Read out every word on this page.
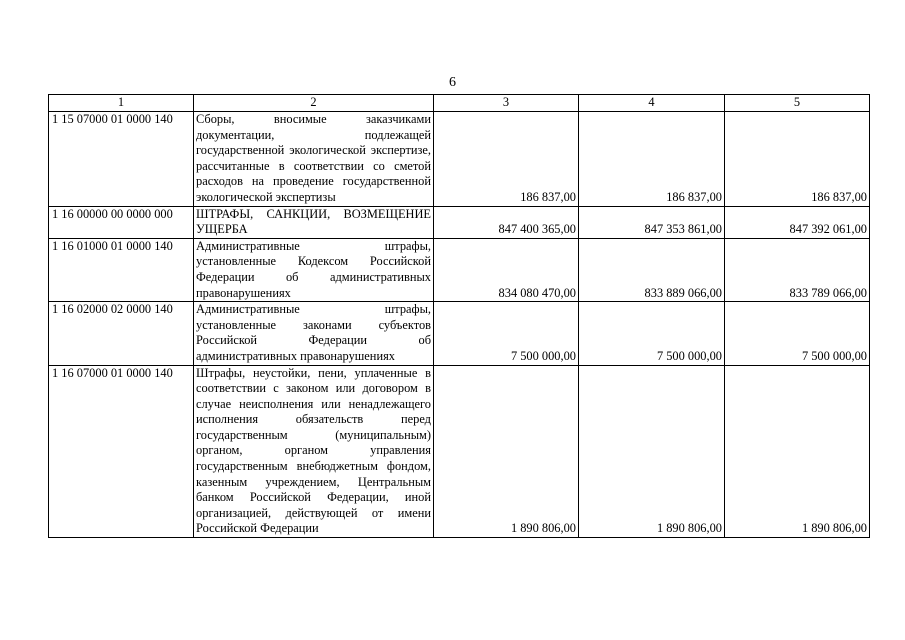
6
1	2	3	4	5
1 15 07000 01 0000 140	Сборы, вносимые заказчиками документации, подлежащей государственной экологической экспертизе, рассчитанные в соответствии со сметой расходов на проведение государственной экологической экспертизы	186 837,00	186 837,00	186 837,00
1 16 00000 00 0000 000	ШТРАФЫ, САНКЦИИ, ВОЗМЕЩЕНИЕ УЩЕРБА	847 400 365,00	847 353 861,00	847 392 061,00
1 16 01000 01 0000 140	Административные штрафы, установленные Кодексом Российской Федерации об административных правонарушениях	834 080 470,00	833 889 066,00	833 789 066,00
1 16 02000 02 0000 140	Административные штрафы, установленные законами субъектов Российской Федерации об административных правонарушениях	7 500 000,00	7 500 000,00	7 500 000,00
1 16 07000 01 0000 140	Штрафы, неустойки, пени, уплаченные в соответствии с законом или договором в случае неисполнения или ненадлежащего исполнения обязательств перед государственным (муниципальным) органом, органом управления государственным внебюджетным фондом, казенным учреждением, Центральным банком Российской Федерации, иной организацией, действующей от имени Российской Федерации	1 890 806,00	1 890 806,00	1 890 806,00
